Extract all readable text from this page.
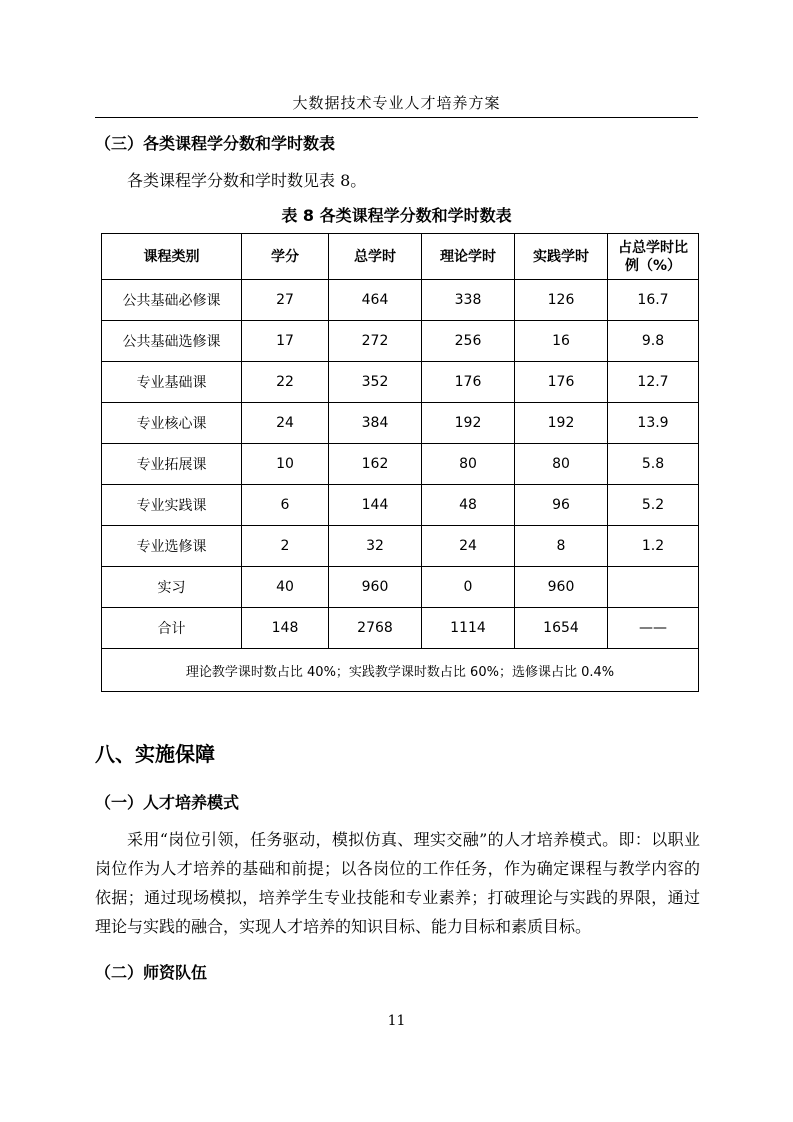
大数据技术专业人才培养方案
（三）各类课程学分数和学时数表
各类课程学分数和学时数见表 8。
表 8 各类课程学分数和学时数表
课程类别	学分	总学时	理论学时	实践学时	占总学时比例（%）
公共基础必修课	27	464	338	126	16.7
公共基础选修课	17	272	256	16	9.8
专业基础课	22	352	176	176	12.7
专业核心课	24	384	192	192	13.9
专业拓展课	10	162	80	80	5.8
专业实践课	6	144	48	96	5.2
专业选修课	2	32	24	8	1.2
实习	40	960	0	960	
合计	148	2768	1114	1654	——
理论教学课时数占比 40%；实践教学课时数占比 60%；选修课占比 0.4%					
八、实施保障
（一）人才培养模式
采用“岗位引领，任务驱动，模拟仿真、理实交融”的人才培养模式。即：以职业岗位作为人才培养的基础和前提；以各岗位的工作任务，作为确定课程与教学内容的依据；通过现场模拟，培养学生专业技能和专业素养；打破理论与实践的界限，通过理论与实践的融合，实现人才培养的知识目标、能力目标和素质目标。
（二）师资队伍
11
